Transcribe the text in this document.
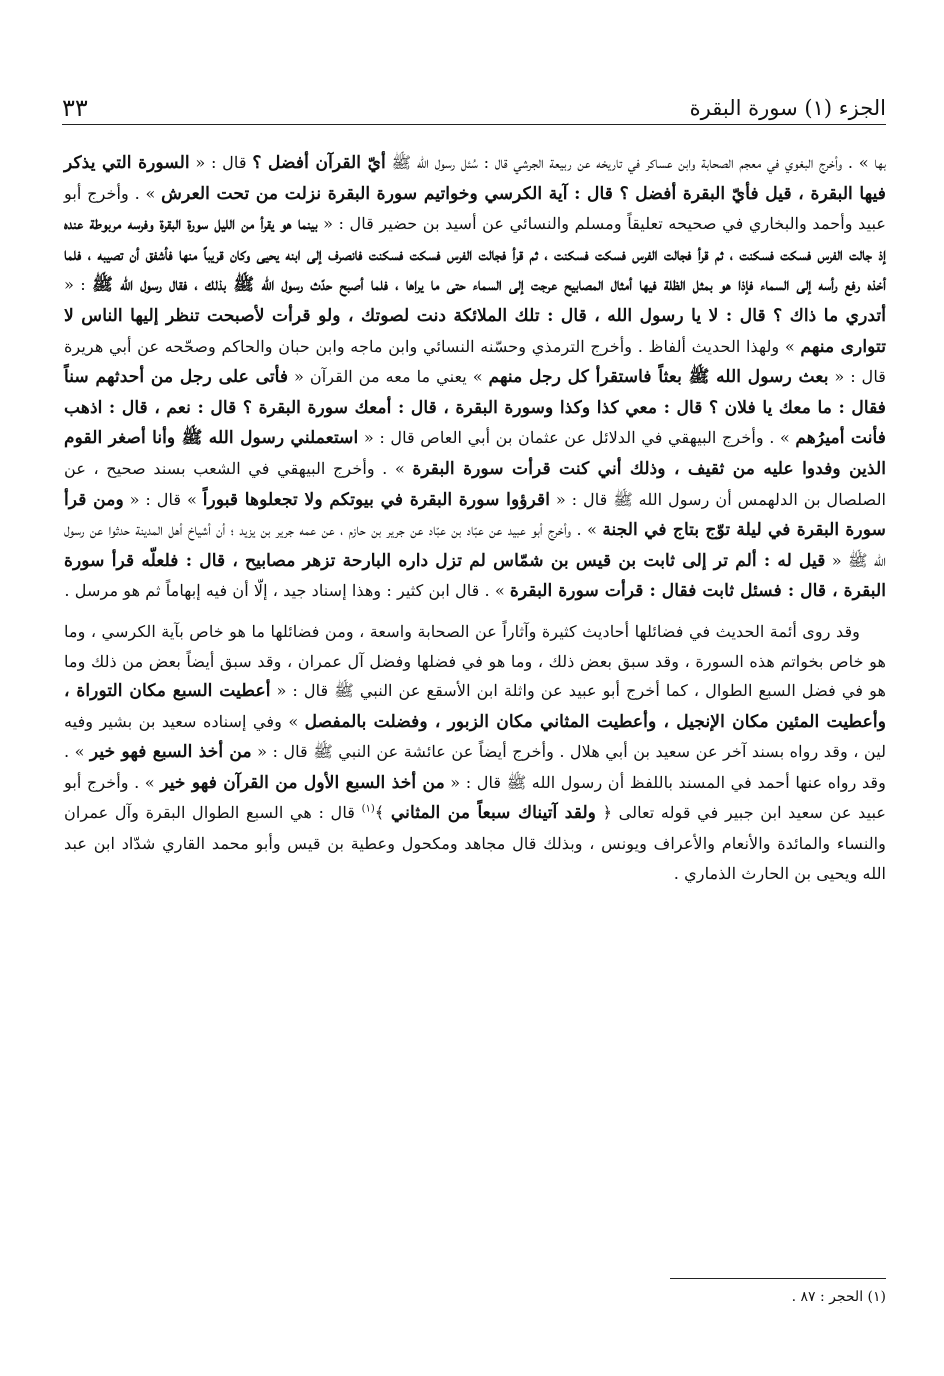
الجزء (١) سورة البقرة
٣٣

بها » . وأخرج البغوي في معجم الصحابة وابن عساكر في تاريخه عن ربيعة الجرشي قال : سُئل رسول الله ﷺ أيّ القرآن أفضل ؟ قال : « السورة التي يذكر فيها البقرة ، قيل فأيّ البقرة أفضل ؟ قال : آية الكرسي وخواتيم سورة البقرة نزلت من تحت العرش » . وأخرج أبو عبيد وأحمد والبخاري في صحيحه تعليقاً ومسلم والنسائي عن أسيد بن حضير قال : « بينما هو يقرأ من الليل سورة البقرة وفرسه مربوطة عنده إذ جالت الفرس فسكت فسكنت ، ثم قرأ فجالت الفرس فسكت فسكنت ، ثم قرأ فجالت الفرس فسكت فسكنت فانصرف إلى ابنه يحيى وكان قريباً منها فأشفق أن تصيبه ، فلما أخذه رفع رأسه إلى السماء فإذا هو بمثل الظلة فيها أمثال المصابيح عرجت إلى السماء حتى ما يراها ، فلما أصبح حدّث رسول الله ﷺ بذلك ، فقال رسول الله ﷺ : « أتدري ما ذاك ؟ قال : لا يا رسول الله ، قال : تلك الملائكة دنت لصوتك ، ولو قرأت لأصبحت تنظر إليها الناس لا تتوارى منهم » ولهذا الحديث ألفاظ . وأخرج الترمذي وحسّنه النسائي وابن ماجه وابن حبان والحاكم وصحّحه عن أبي هريرة قال : « بعث رسول الله ﷺ بعثاً فاستقرأ كل رجل منهم » يعني ما معه من القرآن « فأتى على رجل من أحدثهم سناً فقال : ما معك يا فلان ؟ قال : معي كذا وكذا وسورة البقرة ، قال : أمعك سورة البقرة ؟ قال : نعم ، قال : اذهب فأنت أميرُهم » . وأخرج البيهقي في الدلائل عن عثمان بن أبي العاص قال : « استعملني رسول الله ﷺ وأنا أصغر القوم الذين وفدوا عليه من ثقيف ، وذلك أني كنت قرأت سورة البقرة » . وأخرج البيهقي في الشعب بسند صحيح ، عن الصلصال بن الدلهمس أن رسول الله ﷺ قال : « اقرؤوا سورة البقرة في بيوتكم ولا تجعلوها قبوراً » قال : « ومن قرأ سورة البقرة في ليلة توّج بتاج في الجنة » . وأخرج أبو عبيد عن عبّاد بن عبّاد عن جرير بن حازم ، عن عمه جرير بن يزيد ؛ أن أشياخ أهل المدينة حدثوا عن رسول الله ﷺ « قيل له : ألم تر إلى ثابت بن قيس بن شمّاس لم تزل داره البارحة تزهر مصابيح ، قال : فلعلّه قرأ سورة البقرة ، قال : فسئل ثابت فقال : قرأت سورة البقرة » . قال ابن كثير : وهذا إسناد جيد ، إلّا أن فيه إبهاماً ثم هو مرسل .

وقد روى أئمة الحديث في فضائلها أحاديث كثيرة وآثاراً عن الصحابة واسعة ، ومن فضائلها ما هو خاص بآية الكرسي ، وما هو خاص بخواتم هذه السورة ، وقد سبق بعض ذلك ، وما هو في فضلها وفضل آل عمران ، وقد سبق أيضاً بعض من ذلك وما هو في فضل السبع الطوال ، كما أخرج أبو عبيد عن واثلة ابن الأسقع عن النبي ﷺ قال : « أعطيت السبع مكان التوراة ، وأعطيت المئين مكان الإنجيل ، وأعطيت المثاني مكان الزبور ، وفضلت بالمفصل » وفي إسناده سعيد بن بشير وفيه لين ، وقد رواه بسند آخر عن سعيد بن أبي هلال . وأخرج أيضاً عن عائشة عن النبي ﷺ قال : « من أخذ السبع فهو خير » . وقد رواه عنها أحمد في المسند باللفظ أن رسول الله ﷺ قال : « من أخذ السبع الأول من القرآن فهو خير » . وأخرج أبو عبيد عن سعيد ابن جبير في قوله تعالى ﴿ ولقد آتيناك سبعاً من المثاني ﴾$^{(١)}$ قال : هي السبع الطوال البقرة وآل عمران والنساء والمائدة والأنعام والأعراف ويونس ، وبذلك قال مجاهد ومكحول وعطية بن قيس وأبو محمد القاري شدّاد ابن عبد الله ويحيى بن الحارث الذماري .

(١) الحجر : ٨٧ .
